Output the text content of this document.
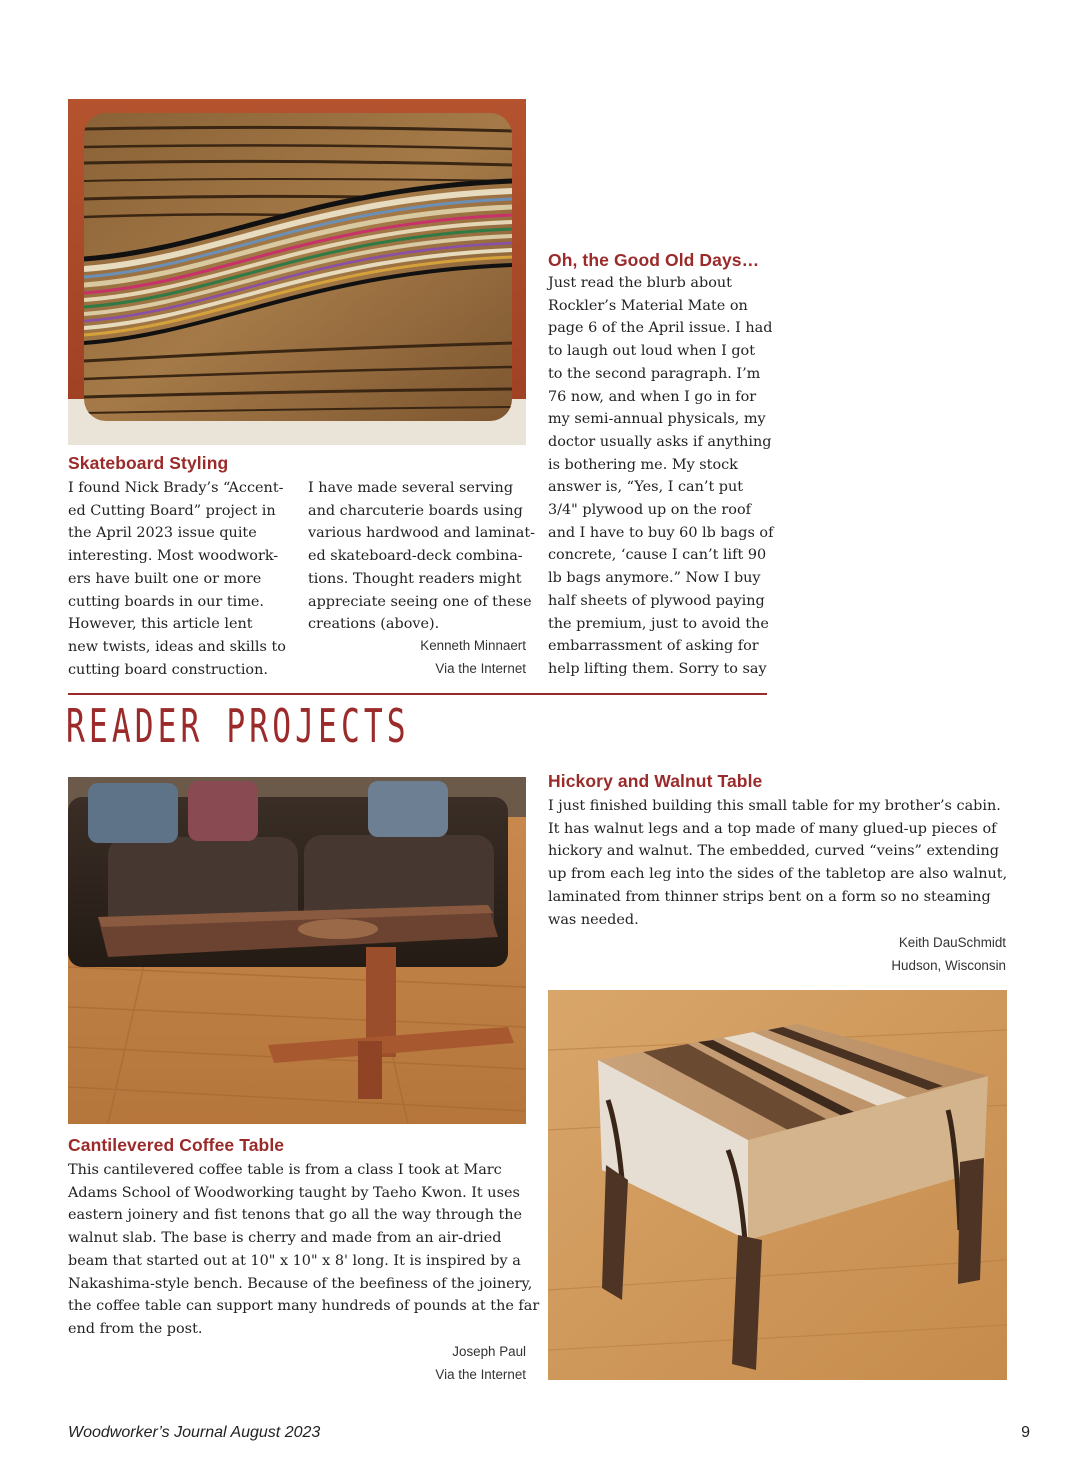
Skateboard Styling
I found Nick Brady’s “Accent-
ed Cutting Board” project in
the April 2023 issue quite
interesting. Most woodwork-
ers have built one or more
cutting boards in our time.
However, this article lent
new twists, ideas and skills to
cutting board construction.
I have made several serving
and charcuterie boards using
various hardwood and laminat-
ed skateboard-deck combina-
tions. Thought readers might
appreciate seeing one of these
creations (above).
Kenneth Minnaert
Via the Internet
Oh, the Good Old Days…
Just read the blurb about
Rockler’s Material Mate on
page 6 of the April issue. I had
to laugh out loud when I got
to the second paragraph. I’m
76 now, and when I go in for
my semi-annual physicals, my
doctor usually asks if anything
is bothering me. My stock
answer is, “Yes, I can’t put
3/4" plywood up on the roof
and I have to buy 60 lb bags of
concrete, ‘cause I can’t lift 90
lb bags anymore.” Now I buy
half sheets of plywood paying
the premium, just to avoid the
embarrassment of asking for
help lifting them. Sorry to say
READER PROJECTS
Cantilevered Coffee Table
This cantilevered coffee table is from a class I took at Marc
Adams School of Woodworking taught by Taeho Kwon. It uses
eastern joinery and fist tenons that go all the way through the
walnut slab. The base is cherry and made from an air-dried
beam that started out at 10" x 10" x 8' long. It is inspired by a
Nakashima-style bench. Because of the beefiness of the joinery,
the coffee table can support many hundreds of pounds at the far
end from the post.
Joseph Paul
Via the Internet
Hickory and Walnut Table
I just finished building this small table for my brother’s cabin.
It has walnut legs and a top made of many glued-up pieces of
hickory and walnut. The embedded, curved “veins” extending
up from each leg into the sides of the tabletop are also walnut,
laminated from thinner strips bent on a form so no steaming
was needed.
Keith DauSchmidt
Hudson, Wisconsin
Woodworker’s Journal August 2023	9
